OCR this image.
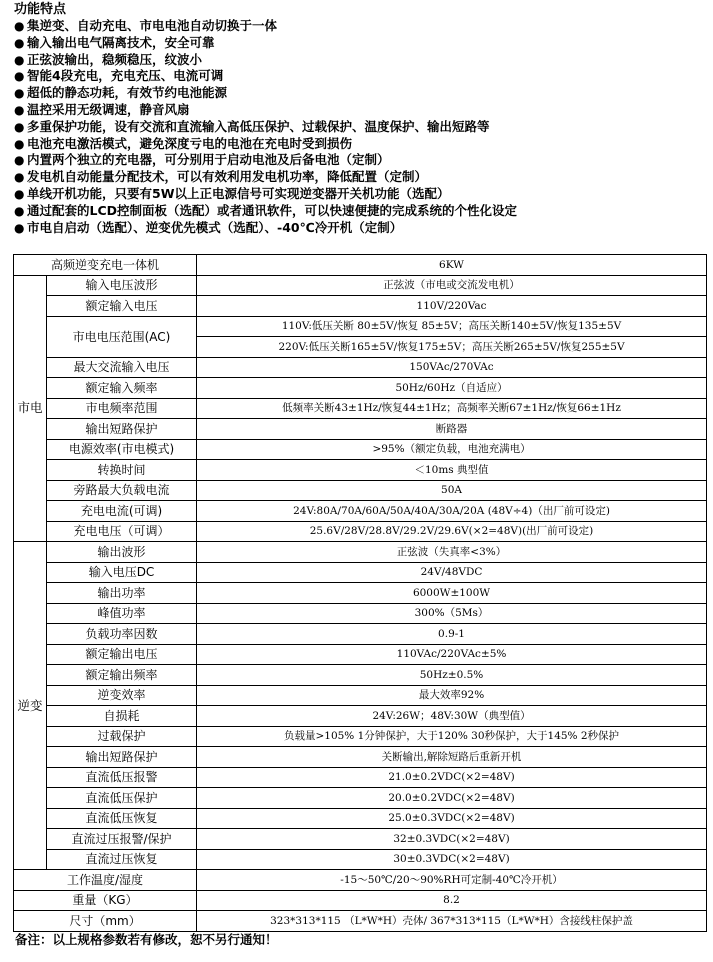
功能特点
● 集逆变、自动充电、市电电池自动切换于一体
● 输入输出电气隔离技术，安全可靠
● 正弦波输出，稳频稳压，纹波小
● 智能4段充电，充电充压、电流可调
● 超低的静态功耗，有效节约电池能源
● 温控采用无级调速，静音风扇
● 多重保护功能，设有交流和直流输入高低压保护、过载保护、温度保护、输出短路等
● 电池充电激活模式，避免深度亏电的电池在充电时受到损伤
● 内置两个独立的充电器，可分别用于启动电池及后备电池（定制）
● 发电机自动能量分配技术，可以有效利用发电机功率，降低配置（定制）
● 单线开机功能，只要有5W以上正电源信号可实现逆变器开关机功能（选配）
● 通过配套的LCD控制面板（选配）或者通讯软件，可以快速便捷的完成系统的个性化设定
● 市电自启动（选配）、逆变优先模式（选配）、-40℃冷开机（定制）
高频逆变充电一体机		6KW
市电	输入电压波形	正弦波（市电或交流发电机）
	额定输入电压	110V/220Vac
	市电电压范围(AC)	110V:低压关断 80±5V/恢复 85±5V；高压关断140±5V/恢复135±5V
		220V:低压关断165±5V/恢复175±5V；高压关断265±5V/恢复255±5V
	最大交流输入电压	150VAc/270VAc
	额定输入频率	50Hz/60Hz（自适应）
	市电频率范围	低频率关断43±1Hz/恢复44±1Hz；高频率关断67±1Hz/恢复66±1Hz
	输出短路保护	断路器
	电源效率(市电模式)	>95%（额定负载，电池充满电）
	转换时间	＜10ms 典型值
	旁路最大负载电流	50A
	充电电流(可调)	24V:80A/70A/60A/50A/40A/30A/20A (48V÷4)（出厂前可设定)
	充电电压（可调）	25.6V/28V/28.8V/29.2V/29.6V(×2=48V)(出厂前可设定)
逆变	输出波形	正弦波（失真率<3%）
	输入电压DC	24V/48VDC
	输出功率	6000W±100W
	峰值功率	300%（5Ms）
	负载功率因数	0.9-1
	额定输出电压	110VAc/220VAc±5%
	额定输出频率	50Hz±0.5%
	逆变效率	最大效率92%
	自损耗	24V:26W；48V:30W（典型值）
	过载保护	负载量>105% 1分钟保护，大于120% 30秒保护，大于145% 2秒保护
	输出短路保护	关断输出,解除短路后重新开机
	直流低压报警	21.0±0.2VDC(×2=48V)
	直流低压保护	20.0±0.2VDC(×2=48V)
	直流低压恢复	25.0±0.3VDC(×2=48V)
	直流过压报警/保护	32±0.3VDC(×2=48V)
	直流过压恢复	30±0.3VDC(×2=48V)
工作温度/湿度		-15～50℃/20～90%RH可定制-40℃冷开机）
重量（KG）		8.2
尺寸（mm）		323*313*115 （L*W*H）壳体/ 367*313*115（L*W*H）含接线柱保护盖
备注：以上规格参数若有修改，恕不另行通知！
